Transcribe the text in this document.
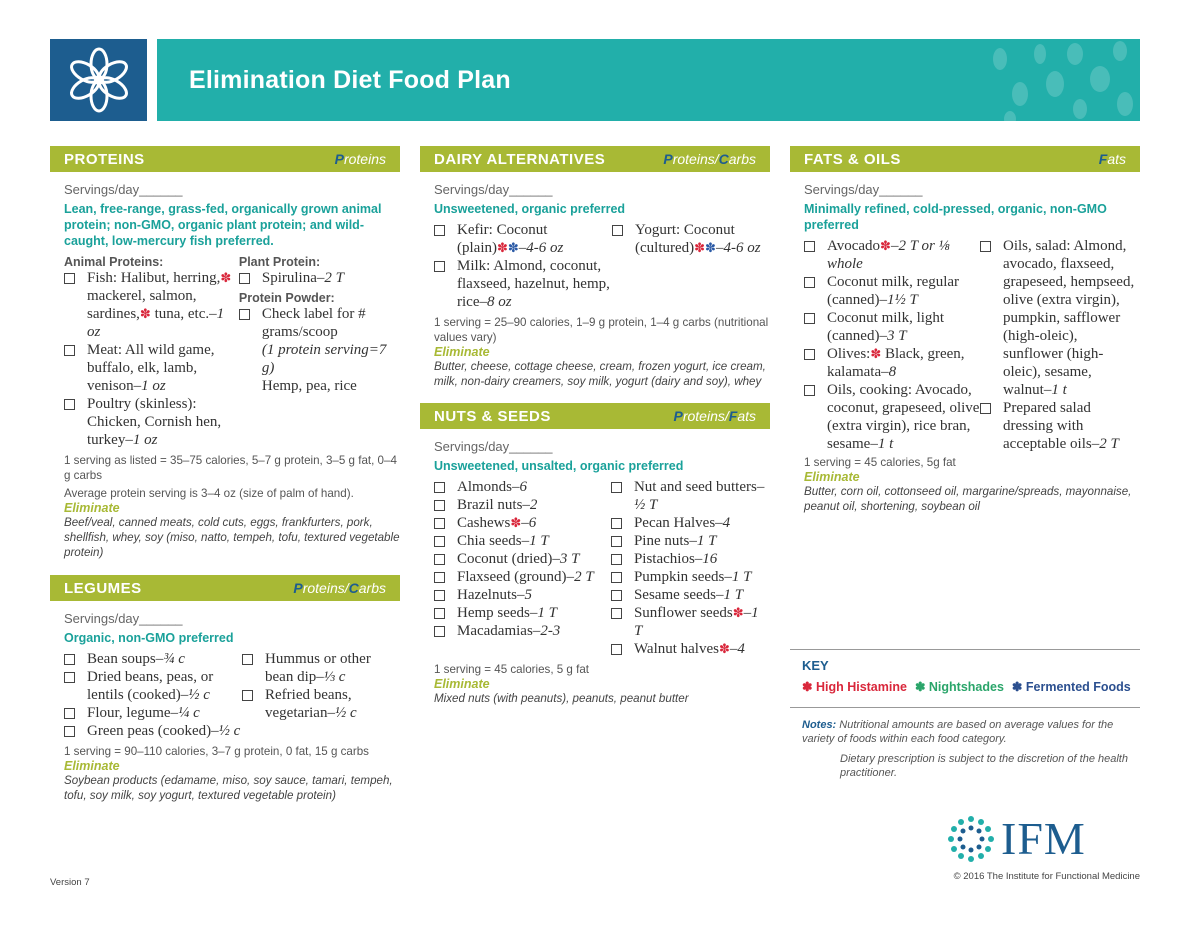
Elimination Diet Food Plan
PROTEINS	Proteins
Servings/day______
Lean, free-range, grass-fed, organically grown animal protein; non-GMO, organic plant protein; and wild-caught, low-mercury fish preferred.
Animal Proteins:
Fish: Halibut, herring,✽ mackerel, salmon, sardines,✽ tuna, etc.–1 oz
Meat: All wild game, buffalo, elk, lamb, venison–1 oz
Poultry (skinless): Chicken, Cornish hen, turkey–1 oz
Plant Protein:
Spirulina–2 T
Protein Powder:
Check label for # grams/scoop
(1 protein serving=7 g)
Hemp, pea, rice
1 serving as listed = 35–75 calories, 5–7 g protein, 3–5 g fat, 0–4 g carbs
Average protein serving is 3–4 oz (size of palm of hand).
Eliminate
Beef/veal, canned meats, cold cuts, eggs, frankfurters, pork, shellfish, whey, soy (miso, natto, tempeh, tofu, textured vegetable protein)
LEGUMES	Proteins/Carbs
Servings/day______
Organic, non-GMO preferred
Bean soups–¾ c
Dried beans, peas, or lentils (cooked)–½ c
Flour, legume–¼ c
Green peas (cooked)–½ c
Hummus or other bean dip–⅓ c
Refried beans, vegetarian–½ c
1 serving = 90–110 calories, 3–7 g protein, 0 fat, 15 g carbs
Eliminate
Soybean products (edamame, miso, soy sauce, tamari, tempeh, tofu, soy milk, soy yogurt, textured vegetable protein)
DAIRY ALTERNATIVES	Proteins/Carbs
Servings/day______
Unsweetened, organic preferred
Kefir: Coconut (plain)✽✽–4-6 oz
Milk: Almond, coconut, flaxseed, hazelnut, hemp, rice–8 oz
Yogurt: Coconut (cultured)✽✽–4-6 oz
1 serving = 25–90 calories, 1–9 g protein, 1–4 g carbs (nutritional values vary)
Eliminate
Butter, cheese, cottage cheese, cream, frozen yogurt, ice cream, milk, non-dairy creamers, soy milk, yogurt (dairy and soy), whey
NUTS & SEEDS	Proteins/Fats
Servings/day______
Unsweetened, unsalted, organic preferred
Almonds–6
Brazil nuts–2
Cashews✽–6
Chia seeds–1 T
Coconut (dried)–3 T
Flaxseed (ground)–2 T
Hazelnuts–5
Hemp seeds–1 T
Macadamias–2-3
Nut and seed butters–½ T
Pecan Halves–4
Pine nuts–1 T
Pistachios–16
Pumpkin seeds–1 T
Sesame seeds–1 T
Sunflower seeds✽–1 T
Walnut halves✽–4
1 serving = 45 calories, 5 g fat
Eliminate
Mixed nuts (with peanuts), peanuts, peanut butter
FATS & OILS	Fats
Servings/day______
Minimally refined, cold-pressed, organic, non-GMO preferred
Avocado✽–2 T or ⅛ whole
Coconut milk, regular (canned)–1½ T
Coconut milk, light (canned)–3 T
Olives:✽ Black, green, kalamata–8
Oils, cooking: Avocado, coconut, grapeseed, olive (extra virgin), rice bran, sesame–1 t
Oils, salad: Almond, avocado, flaxseed, grapeseed, hempseed, olive (extra virgin), pumpkin, safflower (high-oleic), sunflower (high-oleic), sesame, walnut–1 t
Prepared salad dressing with acceptable oils–2 T
1 serving = 45 calories, 5g fat
Eliminate
Butter, corn oil, cottonseed oil, margarine/spreads, mayonnaise, peanut oil, shortening, soybean oil
KEY
✽ High Histamine ✽ Nightshades ✽ Fermented Foods
Notes: Nutritional amounts are based on average values for the variety of foods within each food category.
Dietary prescription is subject to the discretion of the health practitioner.
IFM
© 2016 The Institute for Functional Medicine
Version 7
